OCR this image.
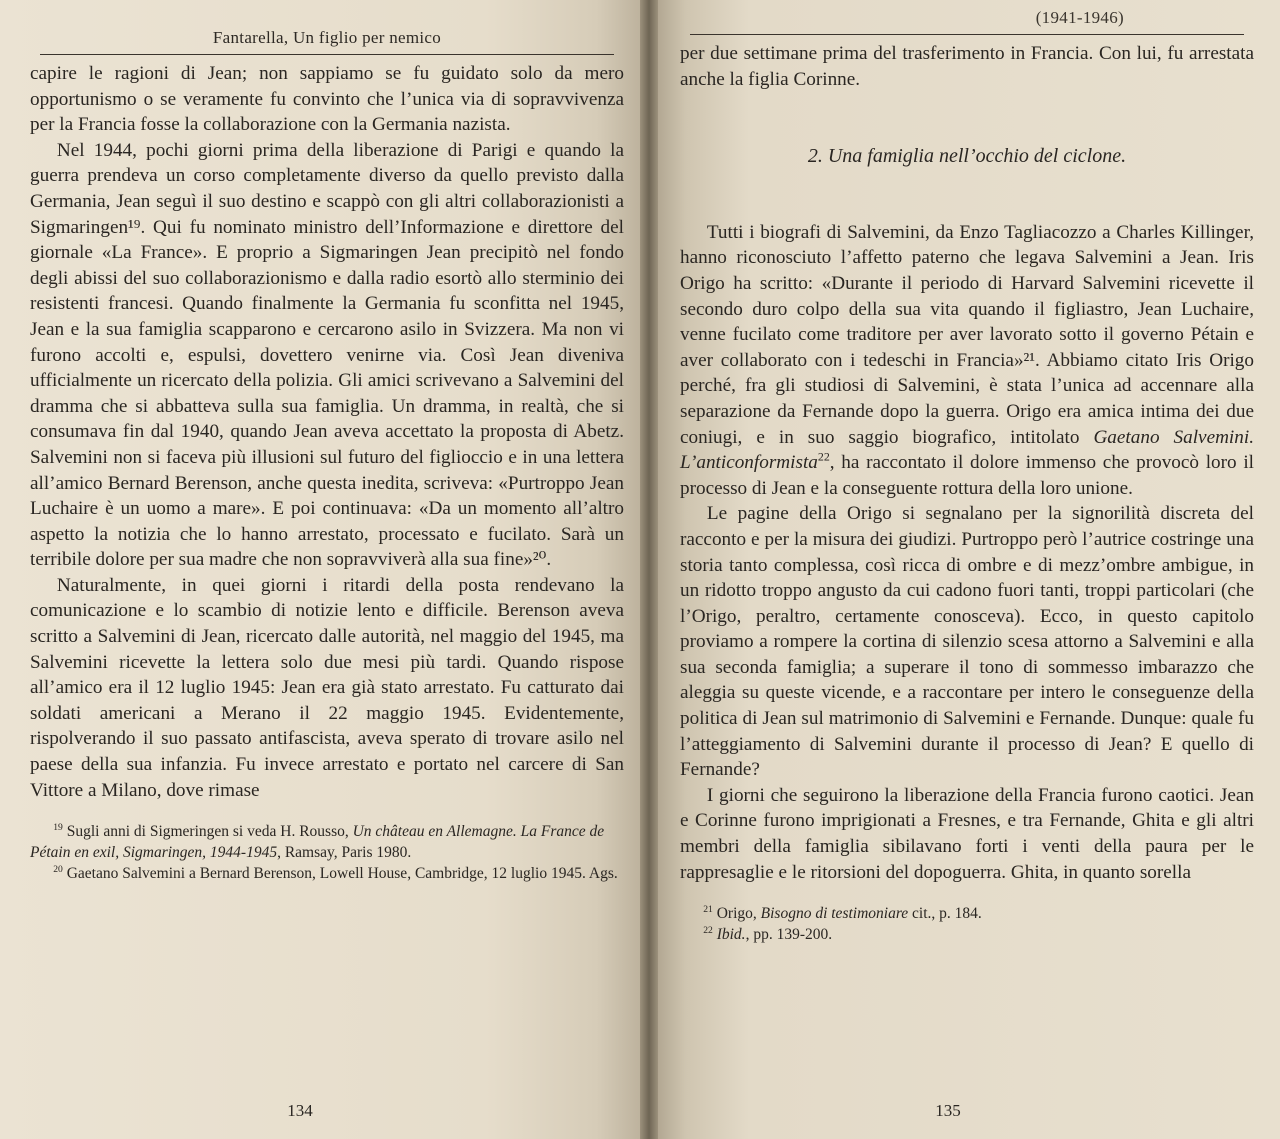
Fantarella, Un figlio per nemico

capire le ragioni di Jean; non sappiamo se fu guidato solo da mero opportunismo o se veramente fu convinto che l’unica via di sopravvivenza per la Francia fosse la collaborazione con la Germania nazista.

Nel 1944, pochi giorni prima della liberazione di Parigi e quando la guerra prendeva un corso completamente diverso da quello previsto dalla Germania, Jean seguì il suo destino e scappò con gli altri collaborazionisti a Sigmaringen¹⁹. Qui fu nominato ministro dell’Informazione e direttore del giornale «La France». E proprio a Sigmaringen Jean precipitò nel fondo degli abissi del suo collaborazionismo e dalla radio esortò allo sterminio dei resistenti francesi. Quando finalmente la Germania fu sconfitta nel 1945, Jean e la sua famiglia scapparono e cercarono asilo in Svizzera. Ma non vi furono accolti e, espulsi, dovettero venirne via. Così Jean diveniva ufficialmente un ricercato della polizia. Gli amici scrivevano a Salvemini del dramma che si abbatteva sulla sua famiglia. Un dramma, in realtà, che si consumava fin dal 1940, quando Jean aveva accettato la proposta di Abetz. Salvemini non si faceva più illusioni sul futuro del figlioccio e in una lettera all’amico Bernard Berenson, anche questa inedita, scriveva: «Purtroppo Jean Luchaire è un uomo a mare». E poi continuava: «Da un momento all’altro aspetto la notizia che lo hanno arrestato, processato e fucilato. Sarà un terribile dolore per sua madre che non sopravviverà alla sua fine»²⁰.

Naturalmente, in quei giorni i ritardi della posta rendevano la comunicazione e lo scambio di notizie lento e difficile. Berenson aveva scritto a Salvemini di Jean, ricercato dalle autorità, nel maggio del 1945, ma Salvemini ricevette la lettera solo due mesi più tardi. Quando rispose all’amico era il 12 luglio 1945: Jean era già stato arrestato. Fu catturato dai soldati americani a Merano il 22 maggio 1945. Evidentemente, rispolverando il suo passato antifascista, aveva sperato di trovare asilo nel paese della sua infanzia. Fu invece arrestato e portato nel carcere di San Vittore a Milano, dove rimase

$^{19}$ Sugli anni di Sigmeringen si veda H. Rousso, Un château en Allemagne. La France de Pétain en exil, Sigmaringen, 1944-1945, Ramsay, Paris 1980.

$^{20}$ Gaetano Salvemini a Bernard Berenson, Lowell House, Cambridge, 12 luglio 1945. Ags.

134
(1941-1946)

per due settimane prima del trasferimento in Francia. Con lui, fu arrestata anche la figlia Corinne.

2. Una famiglia nell’occhio del ciclone.

Tutti i biografi di Salvemini, da Enzo Tagliacozzo a Charles Killinger, hanno riconosciuto l’affetto paterno che legava Salvemini a Jean. Iris Origo ha scritto: «Durante il periodo di Harvard Salvemini ricevette il secondo duro colpo della sua vita quando il figliastro, Jean Luchaire, venne fucilato come traditore per aver lavorato sotto il governo Pétain e aver collaborato con i tedeschi in Francia»²¹. Abbiamo citato Iris Origo perché, fra gli studiosi di Salvemini, è stata l’unica ad accennare alla separazione da Fernande dopo la guerra. Origo era amica intima dei due coniugi, e in suo saggio biografico, intitolato Gaetano Salvemini. L’anticonformista$^{22}$, ha raccontato il dolore immenso che provocò loro il processo di Jean e la conseguente rottura della loro unione.

Le pagine della Origo si segnalano per la signorilità discreta del racconto e per la misura dei giudizi. Purtroppo però l’autrice costringe una storia tanto complessa, così ricca di ombre e di mezz’ombre ambigue, in un ridotto troppo angusto da cui cadono fuori tanti, troppi particolari (che l’Origo, peraltro, certamente conosceva). Ecco, in questo capitolo proviamo a rompere la cortina di silenzio scesa attorno a Salvemini e alla sua seconda famiglia; a superare il tono di sommesso imbarazzo che aleggia su queste vicende, e a raccontare per intero le conseguenze della politica di Jean sul matrimonio di Salvemini e Fernande. Dunque: quale fu l’atteggiamento di Salvemini durante il processo di Jean? E quello di Fernande?

I giorni che seguirono la liberazione della Francia furono caotici. Jean e Corinne furono imprigionati a Fresnes, e tra Fernande, Ghita e gli altri membri della famiglia sibilavano forti i venti della paura per le rappresaglie e le ritorsioni del dopoguerra. Ghita, in quanto sorella

$^{21}$ Origo, Bisogno di testimoniare cit., p. 184.

$^{22}$ Ibid., pp. 139-200.

135
